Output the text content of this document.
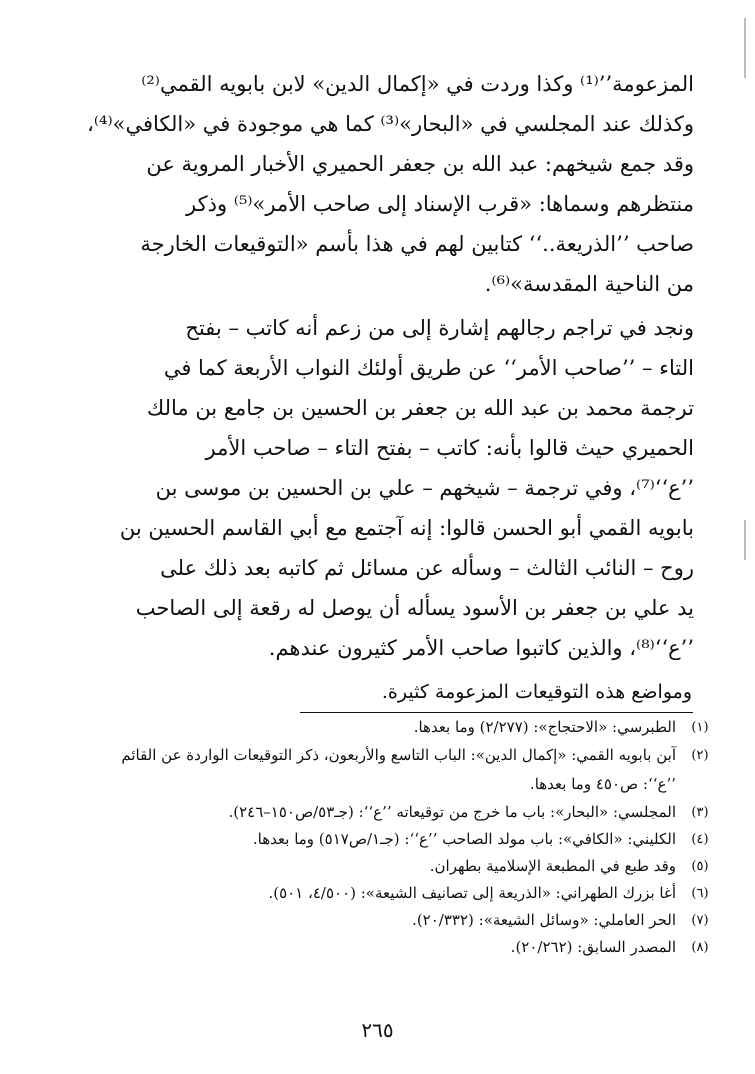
المزعومة’’⁽¹⁾ وكذا وردت في «إكمال الدين» لابن بابويه القمي⁽²⁾
وكذلك عند المجلسي في «البحار»⁽³⁾ كما هي موجودة في «الكافي»⁽⁴⁾،
وقد جمع شيخهم: عبد الله بن جعفر الحميري الأخبار المروية عن
منتظرهم وسماها: «قرب الإسناد إلى صاحب الأمر»⁽⁵⁾ وذكر
صاحب ’’الذريعة..‘‘ كتابين لهم في هذا بأسم «التوقيعات الخارجة
من الناحية المقدسة»⁽⁶⁾.
ونجد في تراجم رجالهم إشارة إلى من زعم أنه كاتب – بفتح
التاء – ’’صاحب الأمر‘‘ عن طريق أولئك النواب الأربعة كما في
ترجمة محمد بن عبد الله بن جعفر بن الحسين بن جامع بن مالك
الحميري حيث قالوا بأنه: كاتب – بفتح التاء – صاحب الأمر
’’ع‘‘⁽⁷⁾، وفي ترجمة – شيخهم – علي بن الحسين بن موسى بن
بابويه القمي أبو الحسن قالوا: إنه آجتمع مع أبي القاسم الحسين بن
روح – النائب الثالث – وسأله عن مسائل ثم كاتبه بعد ذلك على
يد علي بن جعفر بن الأسود يسأله أن يوصل له رقعة إلى الصاحب
’’ع‘‘⁽⁸⁾، والذين كاتبوا صاحب الأمر كثيرون عندهم.
ومواضع هذه التوقيعات المزعومة كثيرة.
(١)
الطبرسي: «الاحتجاج»: (٢/٢٧٧) وما بعدها.
(٢)
آبن بابويه القمي: «إكمال الدين»: الباب التاسع والأربعون، ذكر التوقيعات الواردة عن القائم ’’ع‘‘: ص٤٥٠ وما بعدها.
(٣)
المجلسي: «البحار»: باب ما خرج من توقيعاته ’’ع‘‘: (جـ٥٣/ص١٥٠–٢٤٦).
(٤)
الكليني: «الكافي»: باب مولد الصاحب ’’ع‘‘: (جـ١/ص٥١٧) وما بعدها.
(٥)
وقد طبع في المطبعة الإسلامية بطهران.
(٦)
أغا بزرك الطهراني: «الذريعة إلى تصانيف الشيعة»: (٤/٥٠٠، ٥٠١).
(٧)
الحر العاملي: «وسائل الشيعة»: (٢٠/٣٣٢).
(٨)
المصدر السابق: (٢٠/٢٦٢).
٢٦٥
